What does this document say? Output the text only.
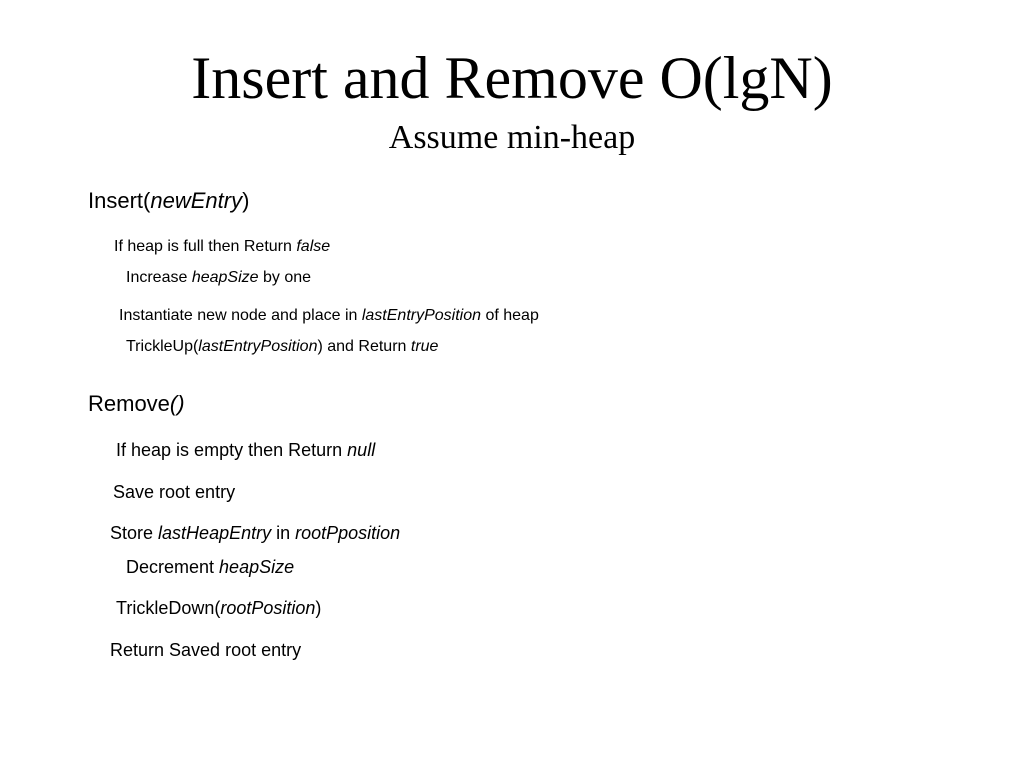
Insert and Remove O(lgN)
Assume min-heap
Insert(newEntry)
If heap is full then Return false
Increase heapSize by one
Instantiate new node and place in lastEntryPosition of heap
TrickleUp(lastEntryPosition) and Return true
Remove()
If heap is empty then Return null
Save root entry
Store lastHeapEntry in rootPposition
Decrement heapSize
TrickleDown(rootPosition)
Return Saved root entry
